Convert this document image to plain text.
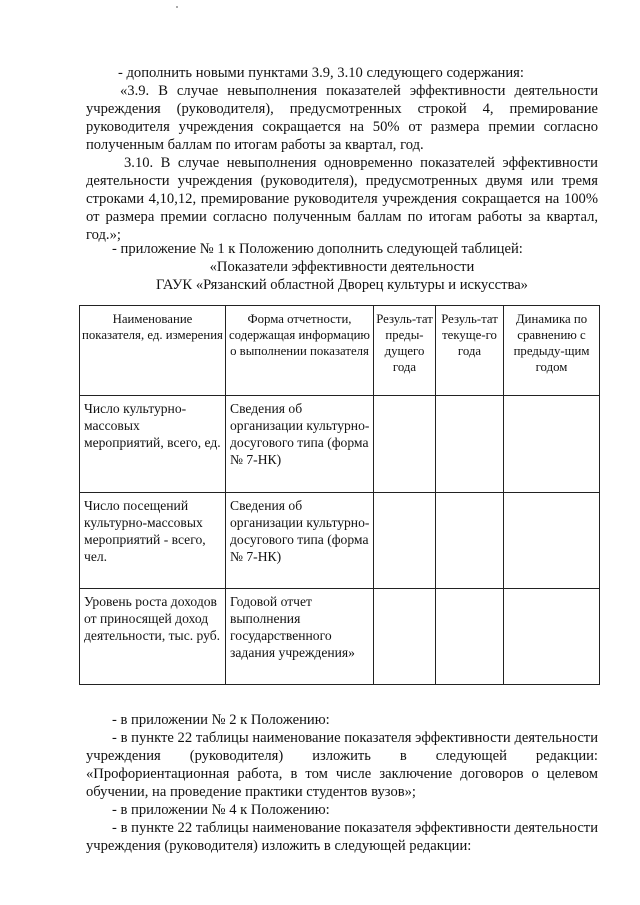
- дополнить новыми пунктами 3.9, 3.10 следующего содержания:

«3.9. В случае невыполнения показателей эффективности деятельности учреждения (руководителя), предусмотренных строкой 4, премирование руководителя учреждения сокращается на 50% от размера премии согласно полученным баллам по итогам работы за квартал, год.

3.10. В случае невыполнения одновременно показателей эффективности деятельности учреждения (руководителя), предусмотренных двумя или тремя строками 4,10,12, премирование руководителя учреждения сокращается на 100% от размера премии согласно полученным баллам по итогам работы за квартал, год.»;

- приложение № 1 к Положению дополнить следующей таблицей:

«Показатели эффективности деятельности

ГАУК «Рязанский областной Дворец культуры и искусства»

Наименование показателя, ед. измерения	Форма отчетности, содержащая информацию о выполнении показателя	Резуль-тат преды-дущего года	Резуль-тат текуще-го года	Динамика по сравнению с предыду-щим годом
Число культурно-массовых мероприятий, всего, ед.	Сведения об организации культурно-досугового типа (форма № 7-НК)			
Число посещений культурно-массовых мероприятий - всего, чел.	Сведения об организации культурно-досугового типа (форма № 7-НК)			
Уровень роста доходов от приносящей доход деятельности, тыс. руб.	Годовой отчет выполнения государственного задания учреждения»			

- в приложении № 2 к Положению:

- в пункте 22 таблицы наименование показателя эффективности деятельности учреждения (руководителя) изложить в следующей редакции: «Профориентационная работа, в том числе заключение договоров о целевом обучении, на проведение практики студентов вузов»;

- в приложении № 4 к Положению:

- в пункте 22 таблицы наименование показателя эффективности деятельности учреждения (руководителя) изложить в следующей редакции:
